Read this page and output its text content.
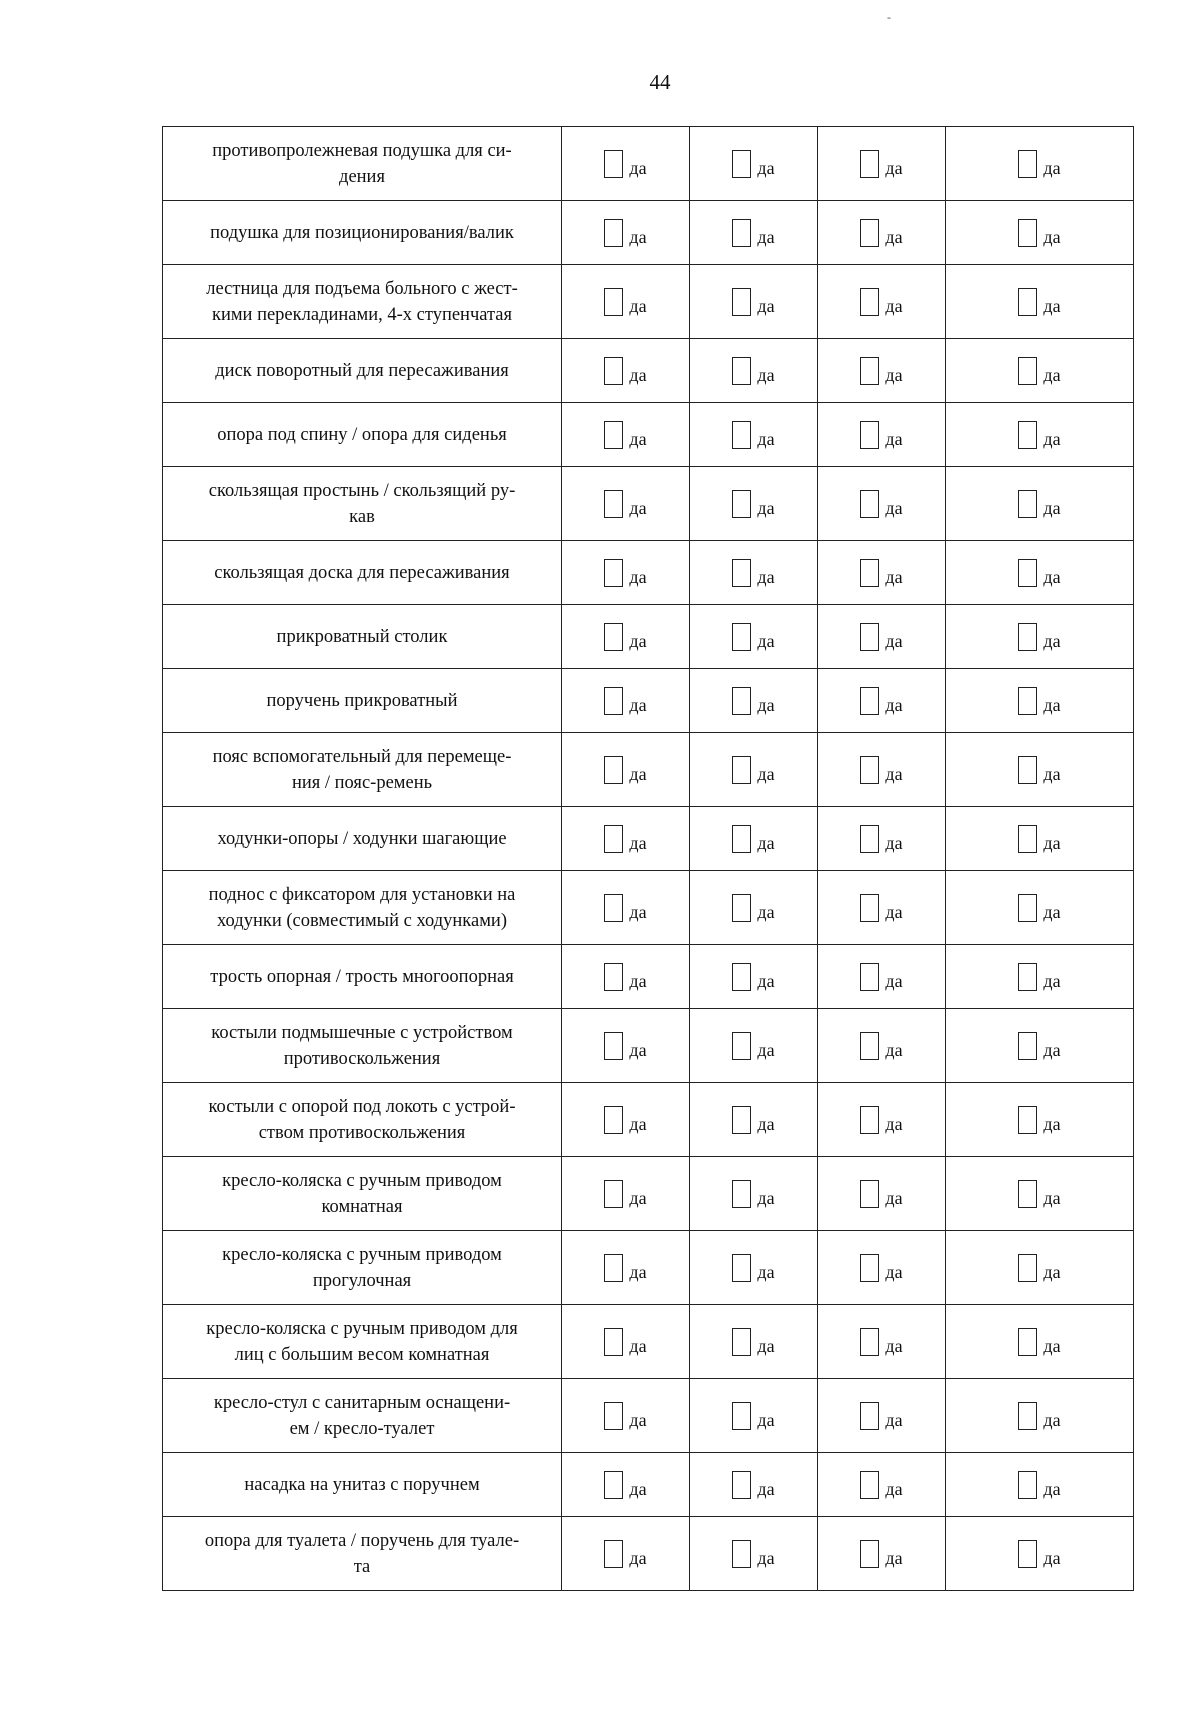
-
44
противопролежневая подушка для си-
дения	да	да	да	да

подушка для позиционирования/валик	да	да	да	да

лестница для подъема больного с жест-
кими перекладинами, 4-х ступенчатая	да	да	да	да

диск поворотный для пересаживания	да	да	да	да

опора под спину / опора для сиденья	да	да	да	да

скользящая простынь / скользящий ру-
кав	да	да	да	да

скользящая доска для пересаживания	да	да	да	да

прикроватный столик	да	да	да	да

поручень прикроватный	да	да	да	да

пояс вспомогательный для перемеще-
ния / пояс-ремень	да	да	да	да

ходунки-опоры / ходунки шагающие	да	да	да	да

поднос с фиксатором для установки на
ходунки (совместимый с ходунками)	да	да	да	да

трость опорная / трость многоопорная	да	да	да	да

костыли подмышечные с устройством
противоскольжения	да	да	да	да

костыли с опорой под локоть с устрой-
ством противоскольжения	да	да	да	да

кресло-коляска с ручным приводом
комнатная	да	да	да	да

кресло-коляска с ручным приводом
прогулочная	да	да	да	да

кресло-коляска с ручным приводом для
лиц с большим весом комнатная	да	да	да	да

кресло-стул с санитарным оснащени-
ем / кресло-туалет	да	да	да	да

насадка на унитаз с поручнем	да	да	да	да

опора для туалета / поручень для туале-
та	да	да	да	да
